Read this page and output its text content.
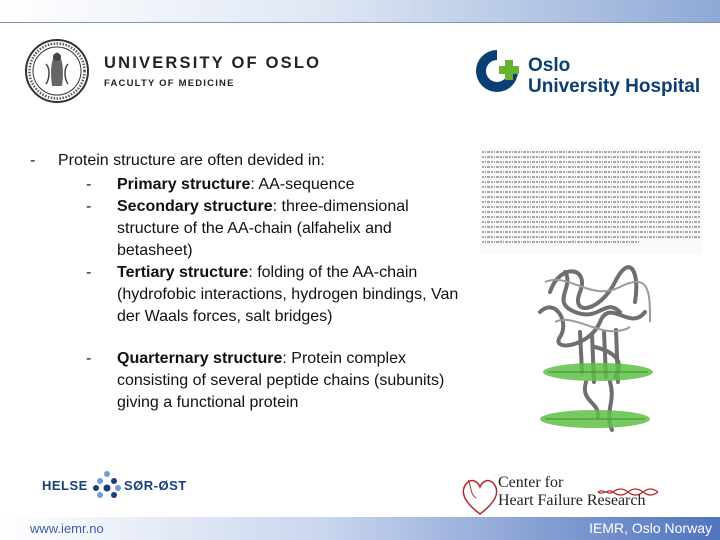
UNIVERSITY OF OSLO
FACULTY OF MEDICINE
Oslo
University Hospital
- Protein structure are often devided in:
- Primary structure: AA-sequence
- Secondary structure: three-dimensional structure of the AA-chain (alfahelix and betasheet)
- Tertiary structure: folding of the AA-chain (hydrofobic interactions, hydrogen bindings, Van der Waals forces, salt bridges)
- Quarternary structure: Protein complex consisting of several peptide chains (subunits) giving a functional protein
HELSE	SØR-ØST	Center for
Heart Failure Research
www.iemr.no	IEMR, Oslo Norway
